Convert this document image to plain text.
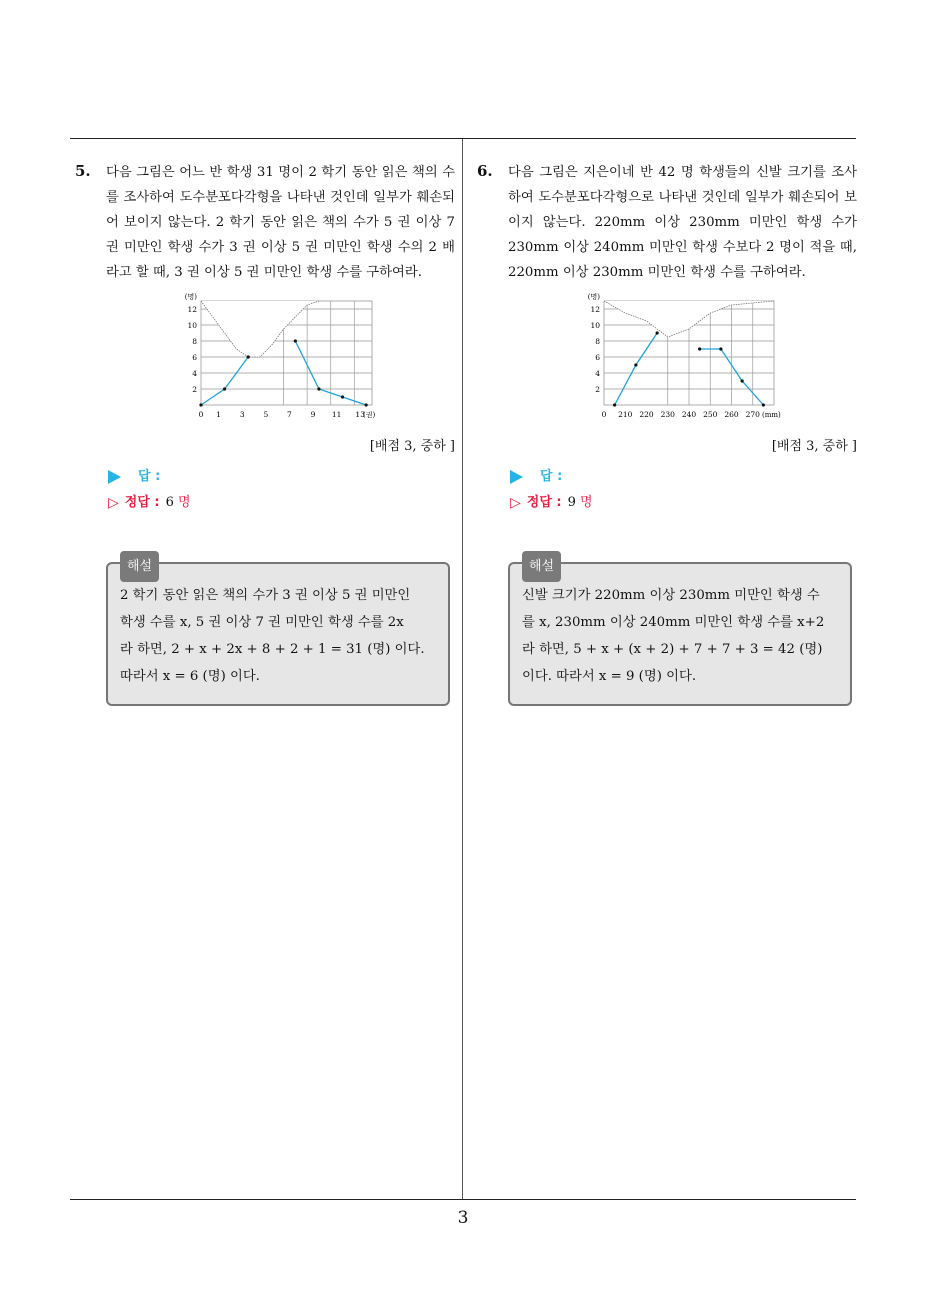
3
5. 다음 그림은 어느 반 학생 31 명이 2 학기 동안 읽은 책의 수를 조사하여 도수분포다각형을 나타낸 것인데 일부가 훼손되어 보이지 않는다. 2 학기 동안 읽은 책의 수가 5 권 이상 7 권 미만인 학생 수가 3 권 이상 5 권 미만인 학생 수의 2 배라고 할 때, 3 권 이상 5 권 미만인 학생 수를 구하여라.
2
4
6
8
10
12
0 1	3	5	7	9 11 13
(명)
(권)
[배점 3, 중하 ]
답 :
▷ 정답 : 6 명
해설
2 학기 동안 읽은 책의 수가 3 권 이상 5 권 미만인
학생 수를 x, 5 권 이상 7 권 미만인 학생 수를 2x
라 하면, 2 + x + 2x + 8 + 2 + 1 = 31 (명) 이다.
따라서 x = 6 (명) 이다.
6. 다음 그림은 지은이네 반 42 명 학생들의 신발 크기를 조사하여 도수분포다각형으로 나타낸 것인데 일부가 훼손되어 보이지 않는다. 220mm 이상 230mm 미만인 학생 수가 230mm 이상 240mm 미만인 학생 수보다 2 명이 적을 때, 220mm 이상 230mm 미만인 학생 수를 구하여라.
2
4
6
8
10
12
0 210 220 230 240 250 260 270
(명)
(mm)
[배점 3, 중하 ]
답 :
▷ 정답 : 9 명
해설
신발 크기가 220mm 이상 230mm 미만인 학생 수
를 x, 230mm 이상 240mm 미만인 학생 수를 x+2
라 하면, 5 + x + (x + 2) + 7 + 7 + 3 = 42 (명)
이다. 따라서 x = 9 (명) 이다.
